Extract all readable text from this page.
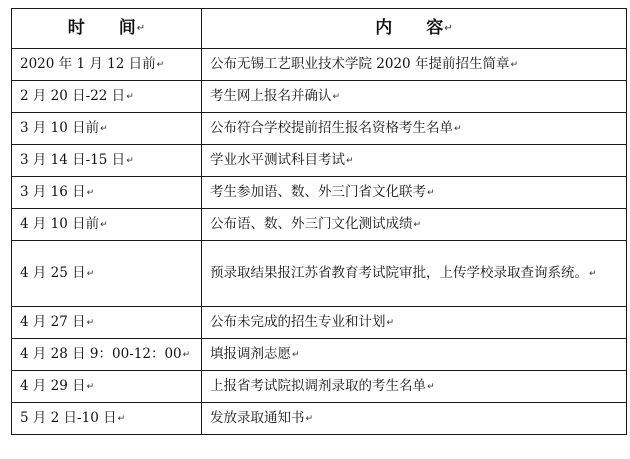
时 间↵	内 容↵
2020 年 1 月 12 日前↵	公布无锡工艺职业技术学院 2020 年提前招生简章↵
2 月 20 日-22 日↵	考生网上报名并确认↵
3 月 10 日前↵	公布符合学校提前招生报名资格考生名单↵
3 月 14 日-15 日↵	学业水平测试科目考试↵
3 月 16 日↵	考生参加语、数、外三门省文化联考↵
4 月 10 日前↵	公布语、数、外三门文化测试成绩↵
4 月 25 日↵	预录取结果报江苏省教育考试院审批，上传学校录取查询系统。↵
4 月 27 日↵	公布未完成的招生专业和计划↵
4 月 28 日 9：00-12：00↵	填报调剂志愿↵
4 月 29 日↵	上报省考试院拟调剂录取的考生名单↵
5 月 2 日-10 日↵	发放录取通知书↵
